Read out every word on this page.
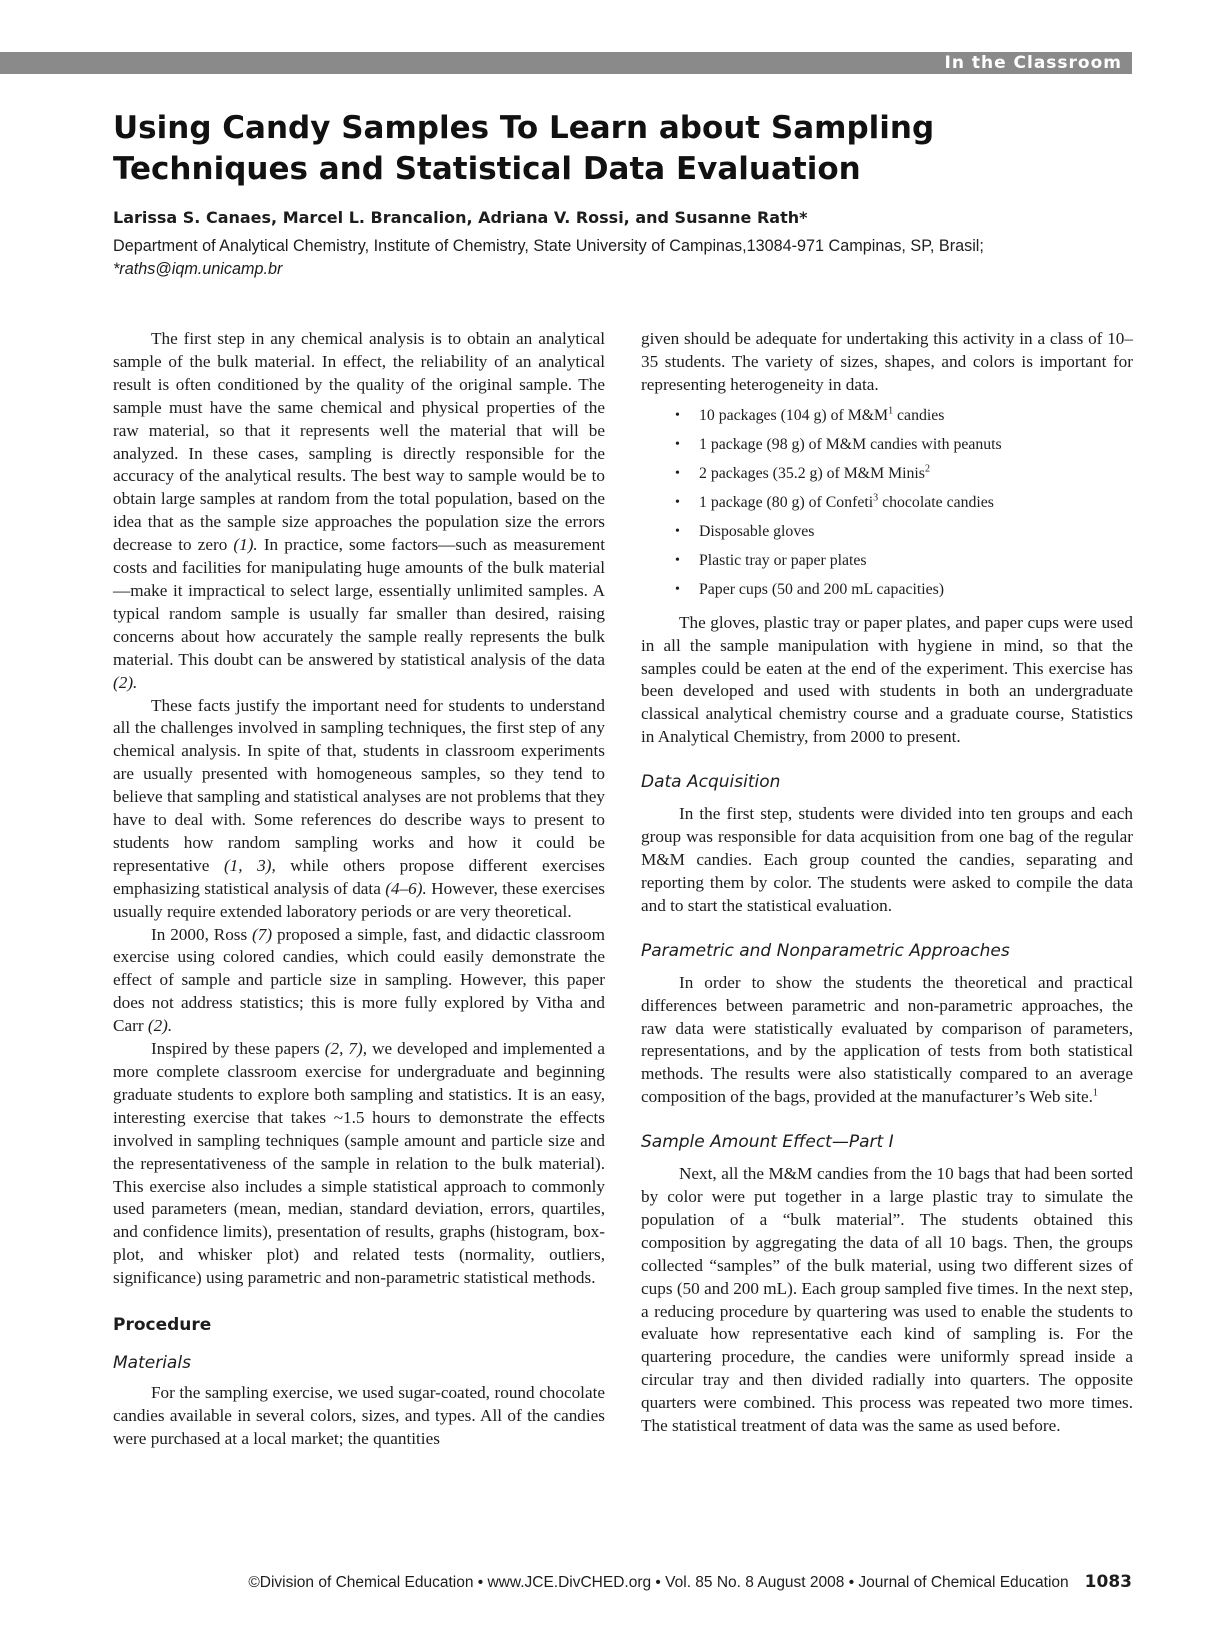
In the Classroom
Using Candy Samples To Learn about Sampling Techniques and Statistical Data Evaluation
Larissa S. Canaes, Marcel L. Brancalion, Adriana V. Rossi, and Susanne Rath*
Department of Analytical Chemistry, Institute of Chemistry, State University of Campinas,13084-971 Campinas, SP, Brasil;
*raths@iqm.unicamp.br

The first step in any chemical analysis is to obtain an analytical sample of the bulk material. In effect, the reliability of an analytical result is often conditioned by the quality of the original sample. The sample must have the same chemical and physical properties of the raw material, so that it represents well the material that will be analyzed. In these cases, sampling is directly responsible for the accuracy of the analytical results. The best way to sample would be to obtain large samples at random from the total population, based on the idea that as the sample size approaches the population size the errors decrease to zero (1). In practice, some factors—such as measurement costs and facilities for manipulating huge amounts of the bulk material—make it impractical to select large, essentially unlimited samples. A typical random sample is usually far smaller than desired, raising concerns about how accurately the sample really represents the bulk material. This doubt can be answered by statistical analysis of the data (2).

These facts justify the important need for students to understand all the challenges involved in sampling techniques, the first step of any chemical analysis. In spite of that, students in classroom experiments are usually presented with homogeneous samples, so they tend to believe that sampling and statistical analyses are not problems that they have to deal with. Some references do describe ways to present to students how random sampling works and how it could be representative (1, 3), while others propose different exercises emphasizing statistical analysis of data (4–6). However, these exercises usually require extended laboratory periods or are very theoretical.

In 2000, Ross (7) proposed a simple, fast, and didactic classroom exercise using colored candies, which could easily demonstrate the effect of sample and particle size in sampling. However, this paper does not address statistics; this is more fully explored by Vitha and Carr (2).

Inspired by these papers (2, 7), we developed and implemented a more complete classroom exercise for undergraduate and beginning graduate students to explore both sampling and statistics. It is an easy, interesting exercise that takes ~1.5 hours to demonstrate the effects involved in sampling techniques (sample amount and particle size and the representativeness of the sample in relation to the bulk material). This exercise also includes a simple statistical approach to commonly used parameters (mean, median, standard deviation, errors, quartiles, and confidence limits), presentation of results, graphs (histogram, box-plot, and whisker plot) and related tests (normality, outliers, significance) using parametric and non-parametric statistical methods.

Procedure
Materials

For the sampling exercise, we used sugar-coated, round chocolate candies available in several colors, sizes, and types. All of the candies were purchased at a local market; the quantities

given should be adequate for undertaking this activity in a class of 10–35 students. The variety of sizes, shapes, and colors is important for representing heterogeneity in data.

• 10 packages (104 g) of $M\&M^1$ candies
• 1 package (98 g) of M&M candies with peanuts
• 2 packages (35.2 g) of M&M Minis$^2$
• 1 package (80 g) of Confeti$^3$ chocolate candies
• Disposable gloves
• Plastic tray or paper plates
• Paper cups (50 and 200 mL capacities)

The gloves, plastic tray or paper plates, and paper cups were used in all the sample manipulation with hygiene in mind, so that the samples could be eaten at the end of the experiment. This exercise has been developed and used with students in both an undergraduate classical analytical chemistry course and a graduate course, Statistics in Analytical Chemistry, from 2000 to present.

Data Acquisition

In the first step, students were divided into ten groups and each group was responsible for data acquisition from one bag of the regular M&M candies. Each group counted the candies, separating and reporting them by color. The students were asked to compile the data and to start the statistical evaluation.

Parametric and Nonparametric Approaches

In order to show the students the theoretical and practical differences between parametric and non-parametric approaches, the raw data were statistically evaluated by comparison of parameters, representations, and by the application of tests from both statistical methods. The results were also statistically compared to an average composition of the bags, provided at the manufacturer’s Web site.$^1$

Sample Amount Effect—Part I

Next, all the M&M candies from the 10 bags that had been sorted by color were put together in a large plastic tray to simulate the population of a “bulk material”. The students obtained this composition by aggregating the data of all 10 bags. Then, the groups collected “samples” of the bulk material, using two different sizes of cups (50 and 200 mL). Each group sampled five times. In the next step, a reducing procedure by quartering was used to enable the students to evaluate how representative each kind of sampling is. For the quartering procedure, the candies were uniformly spread inside a circular tray and then divided radially into quarters. The opposite quarters were combined. This process was repeated two more times. The statistical treatment of data was the same as used before.

©Division of Chemical Education • www.JCE.DivCHED.org • Vol. 85 No. 8 August 2008 • Journal of Chemical Education 1083
